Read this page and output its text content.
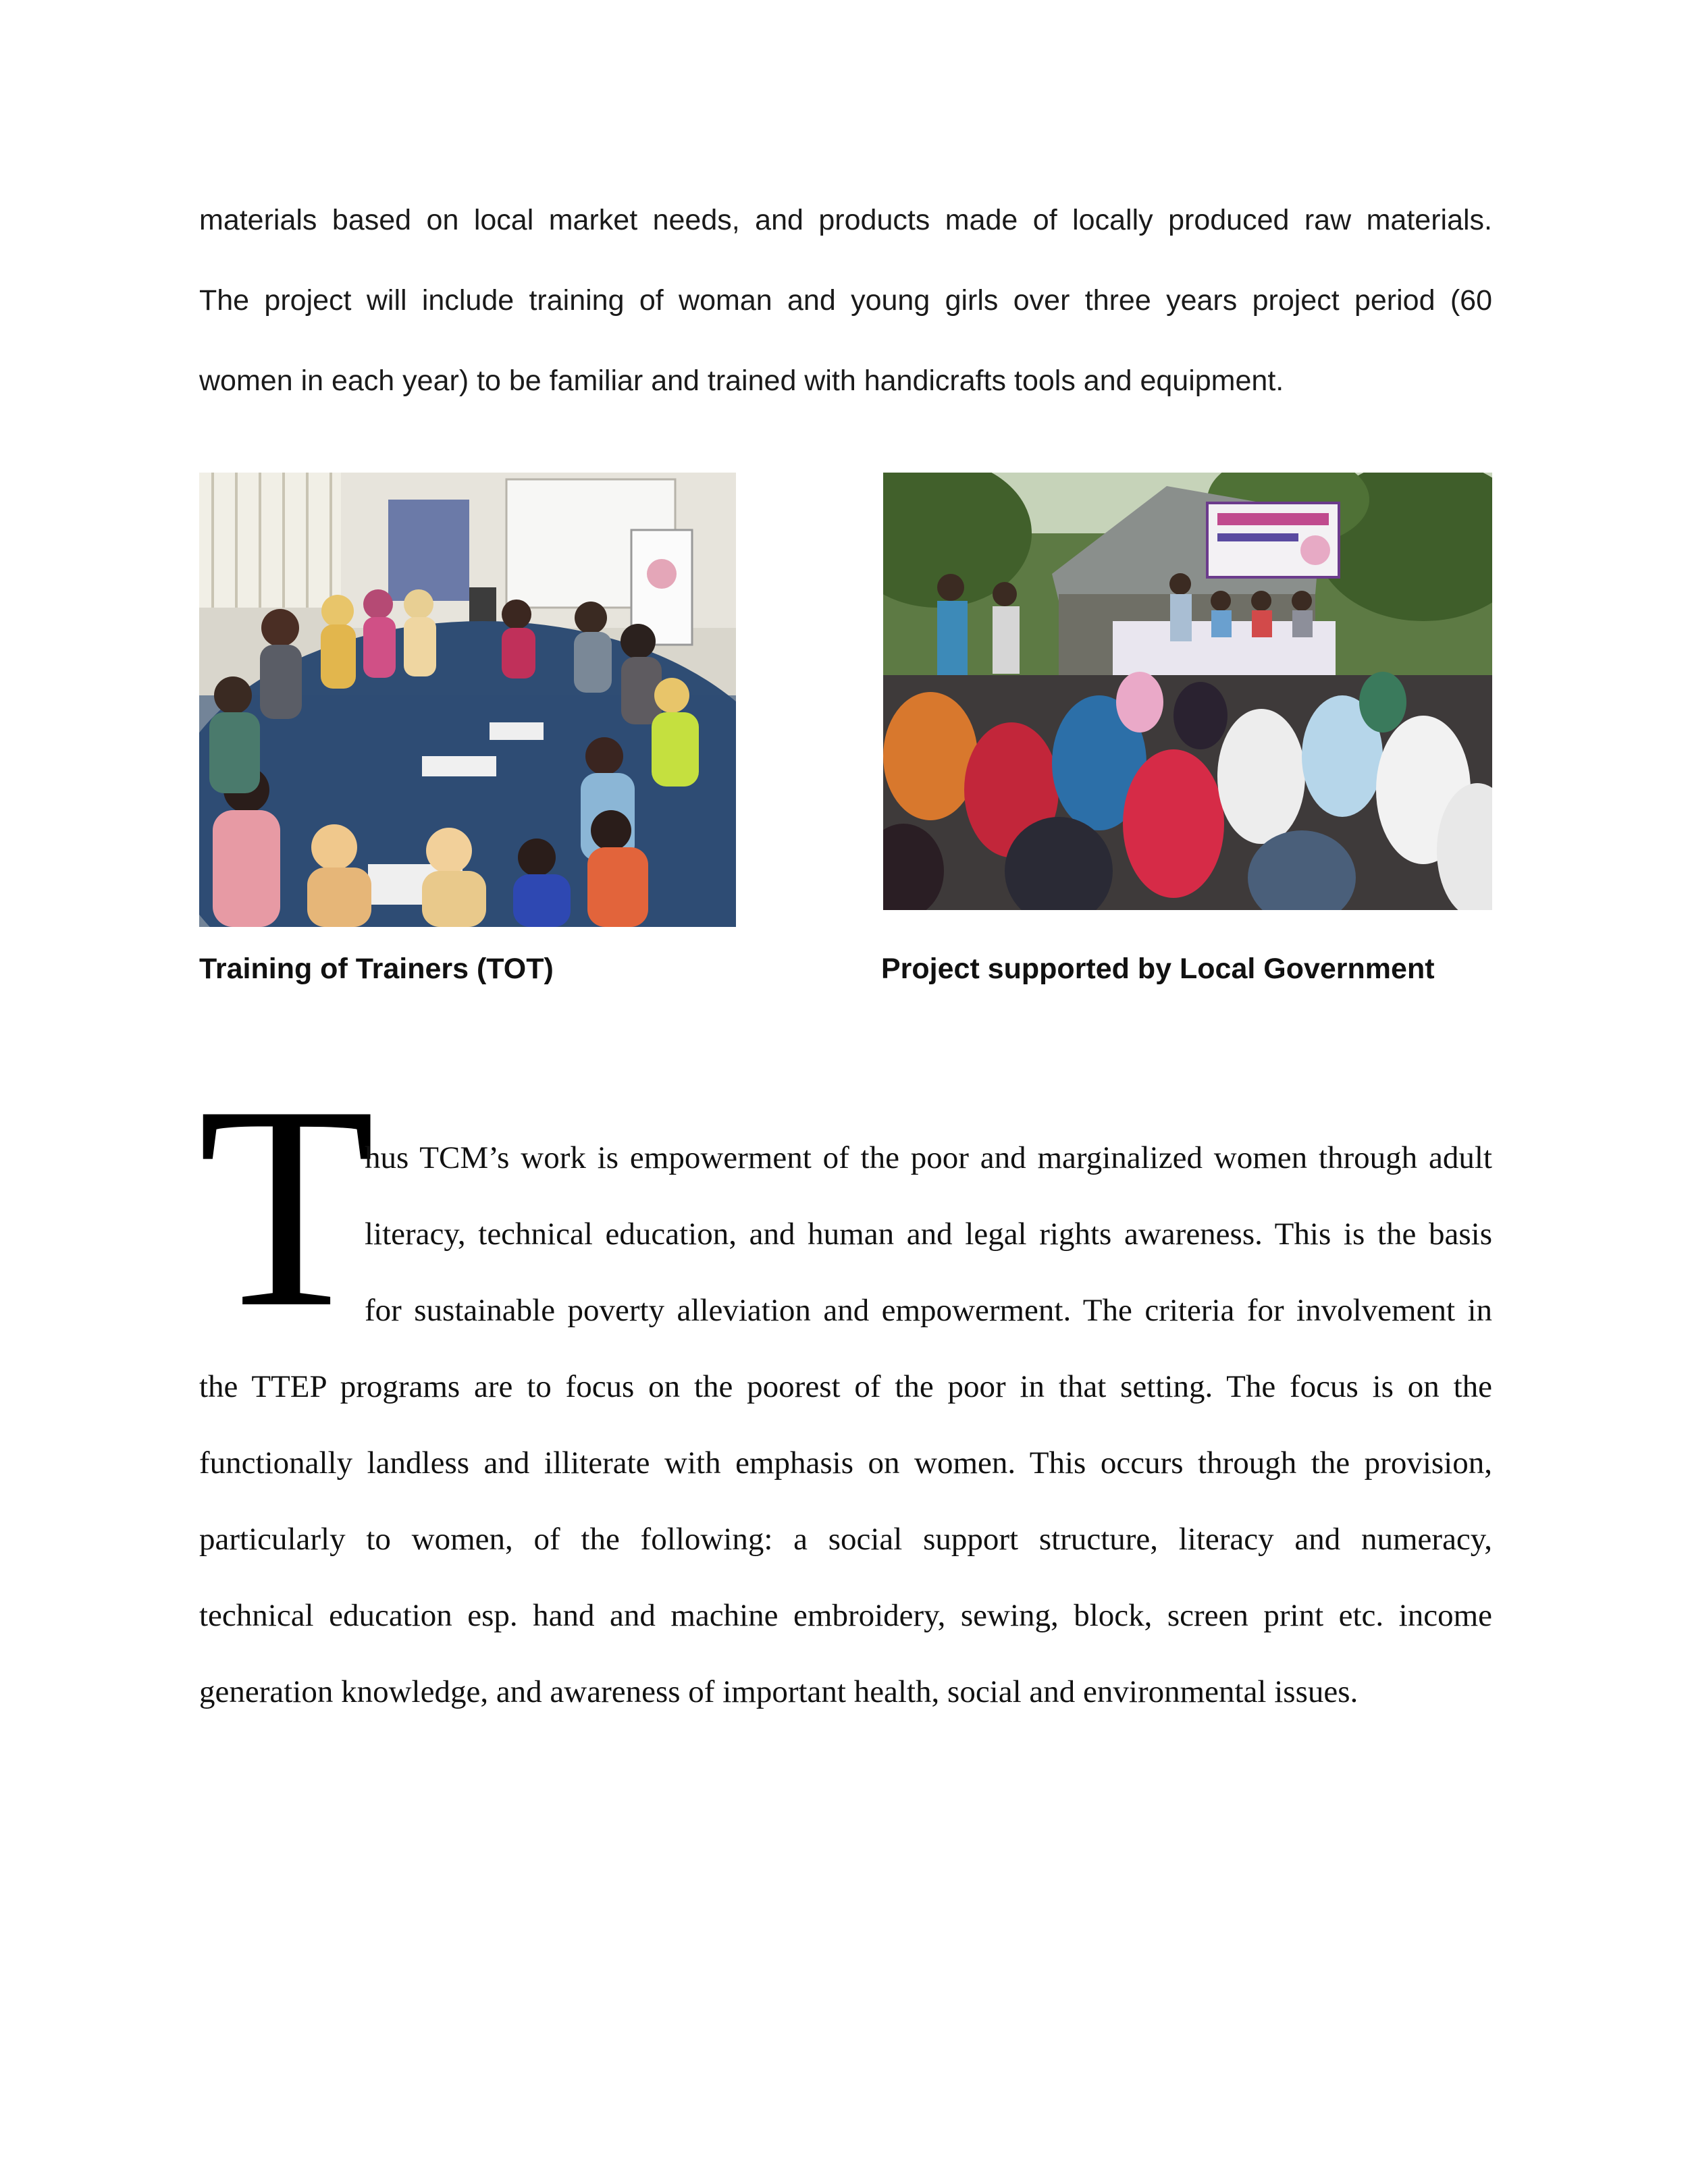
materials based on local market needs, and products made of locally produced raw materials.
The project will include training of woman and young girls over three years project period (60
women in each year) to be familiar and trained with handicrafts tools and equipment.
Training of Trainers (TOT)	Project supported by Local Government
T
hus TCM’s work is empowerment of the poor and marginalized women through adult
literacy, technical education, and human and legal rights awareness. This is the basis
for sustainable poverty alleviation and empowerment. The criteria for involvement in
the TTEP programs are to focus on the poorest of the poor in that setting. The focus is on the
functionally landless and illiterate with emphasis on women. This occurs through the provision,
particularly to women, of the following: a social support structure, literacy and numeracy,
technical education esp. hand and machine embroidery, sewing, block, screen print etc. income
generation knowledge, and awareness of important health, social and environmental issues.
